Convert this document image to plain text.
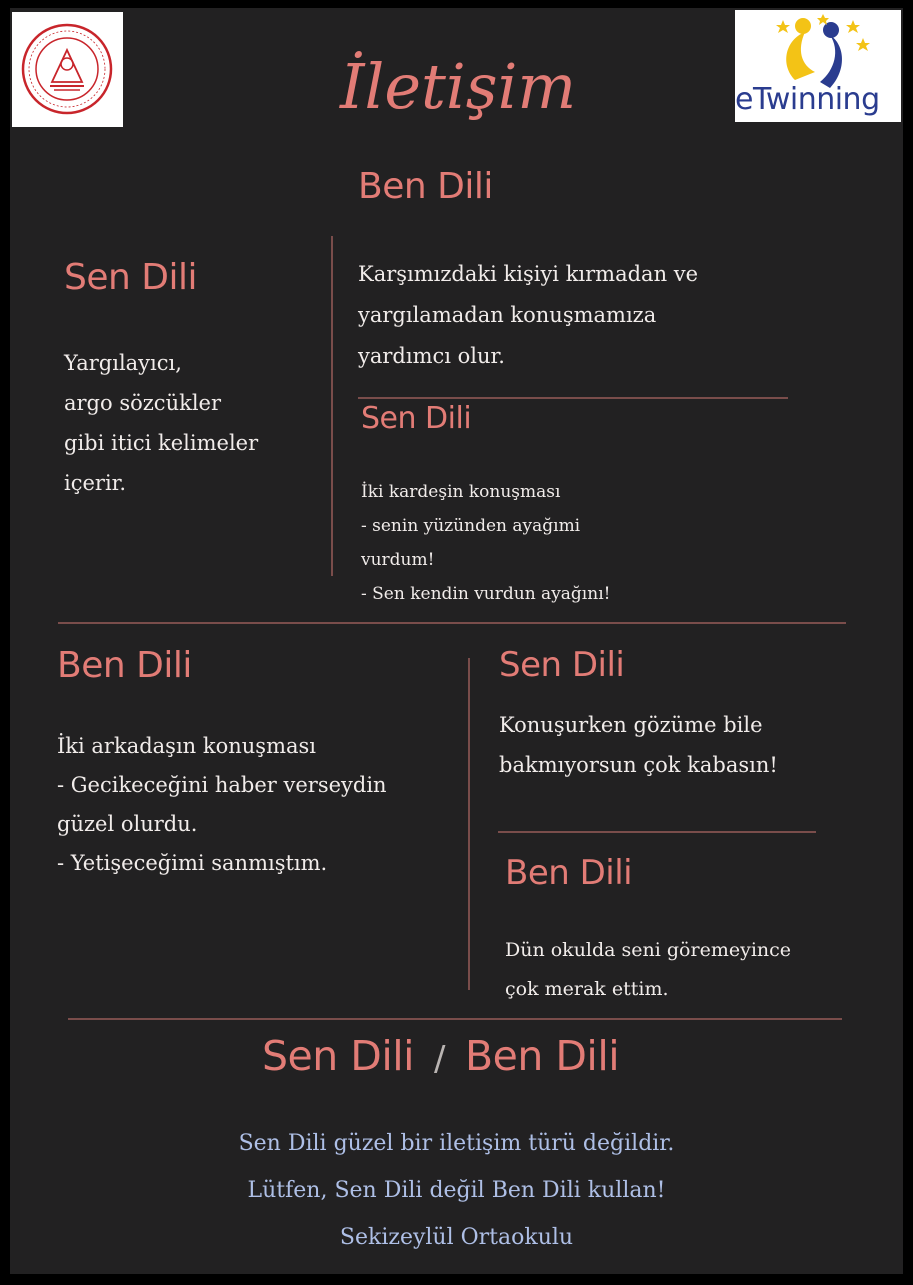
eTwinning
İletişim
Ben Dili
Karşımızdaki kişiyi kırmadan ve
yargılamadan konuşmamıza
yardımcı olur.
Sen Dili
Yargılayıcı,
argo sözcükler
gibi itici kelimeler
içerir.
Sen Dili
İki kardeşin konuşması
- senin yüzünden ayağımi
vurdum!
- Sen kendin vurdun ayağını!
Ben Dili
İki arkadaşın konuşması
- Gecikeceğini haber verseydin
güzel olurdu.
- Yetişeceğimi sanmıştım.
Sen Dili
Konuşurken gözüme bile
bakmıyorsun çok kabasın!
Ben Dili
Dün okulda seni göremeyince
çok merak ettim.
Sen Dili / Ben Dili
Sen Dili güzel bir iletişim türü değildir.
Lütfen, Sen Dili değil Ben Dili kullan!
Sekizeylül Ortaokulu
